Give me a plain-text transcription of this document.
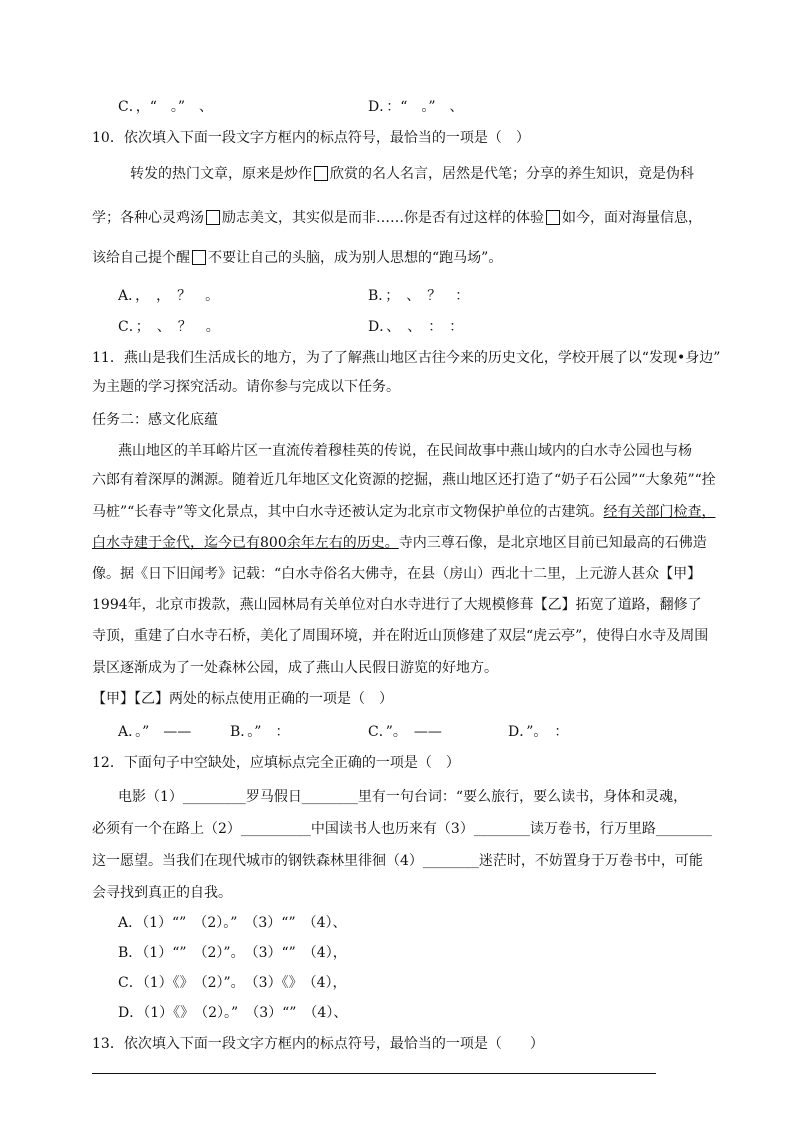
C．，“　。”　、	D．：“　。”　、
10．依次填入下面一段文字方框内的标点符号，最恰当的一项是（　）
转发的热门文章，原来是炒作 欣赏的名人名言，居然是代笔；分享的养生知识，竟是伪科
学；各种心灵鸡汤 励志美文，其实似是而非……你是否有过这样的体验 如今，面对海量信息，
该给自己提个醒 不要让自己的头脑，成为别人思想的“跑马场”。
A．，　，　？　。	B．；　、　？　：
C．；　、　？　。	D．、　、　：　：
11．燕山是我们生活成长的地方，为了了解燕山地区古往今来的历史文化，学校开展了以“发现•身边”
为主题的学习探究活动。请你参与完成以下任务。
任务二：感文化底蕴
燕山地区的羊耳峪片区一直流传着穆桂英的传说，在民间故事中燕山域内的白水寺公园也与杨
六郎有着深厚的渊源。随着近几年地区文化资源的挖掘，燕山地区还打造了“奶子石公园”“大象苑”“拴
马桩”“长春寺”等文化景点，其中白水寺还被认定为北京市文物保护单位的古建筑。经有关部门检查，
白水寺建于金代，迄今已有800余年左右的历史。寺内三尊石像，是北京地区目前已知最高的石佛造
像。据《日下旧闻考》记载：“白水寺俗名大佛寺，在县（房山）西北十二里，上元游人甚众【甲】
1994年，北京市拨款，燕山园林局有关单位对白水寺进行了大规模修葺【乙】拓宽了道路，翻修了
寺顶，重建了白水寺石桥，美化了周围环境，并在附近山顶修建了双层“虎云亭”，使得白水寺及周围
景区逐渐成为了一处森林公园，成了燕山人民假日游览的好地方。
【甲】【乙】两处的标点使用正确的一项是（　）
A．。”　——	B．。”　：	C．”。　——	D．”。　：
12．下面句子中空缺处，应填标点完全正确的一项是（　）
电影（1）_________罗马假日________里有一句台词：“要么旅行，要么读书，身体和灵魂，
必须有一个在路上（2）__________中国读书人也历来有（3）________读万卷书，行万里路________
这一愿望。当我们在现代城市的钢铁森林里徘徊（4）________迷茫时，不妨置身于万卷书中，可能
会寻找到真正的自我。
A．（1）“”　（2）。”　（3）“”　（4）、
B．（1）“”　（2）”。　（3）“”　（4），
C．（1）《》　（2）”。　（3）《》　（4），
D．（1）《》　（2）。”　（3）“”　（4）、
13．依次填入下面一段文字方框内的标点符号，最恰当的一项是（　　）
